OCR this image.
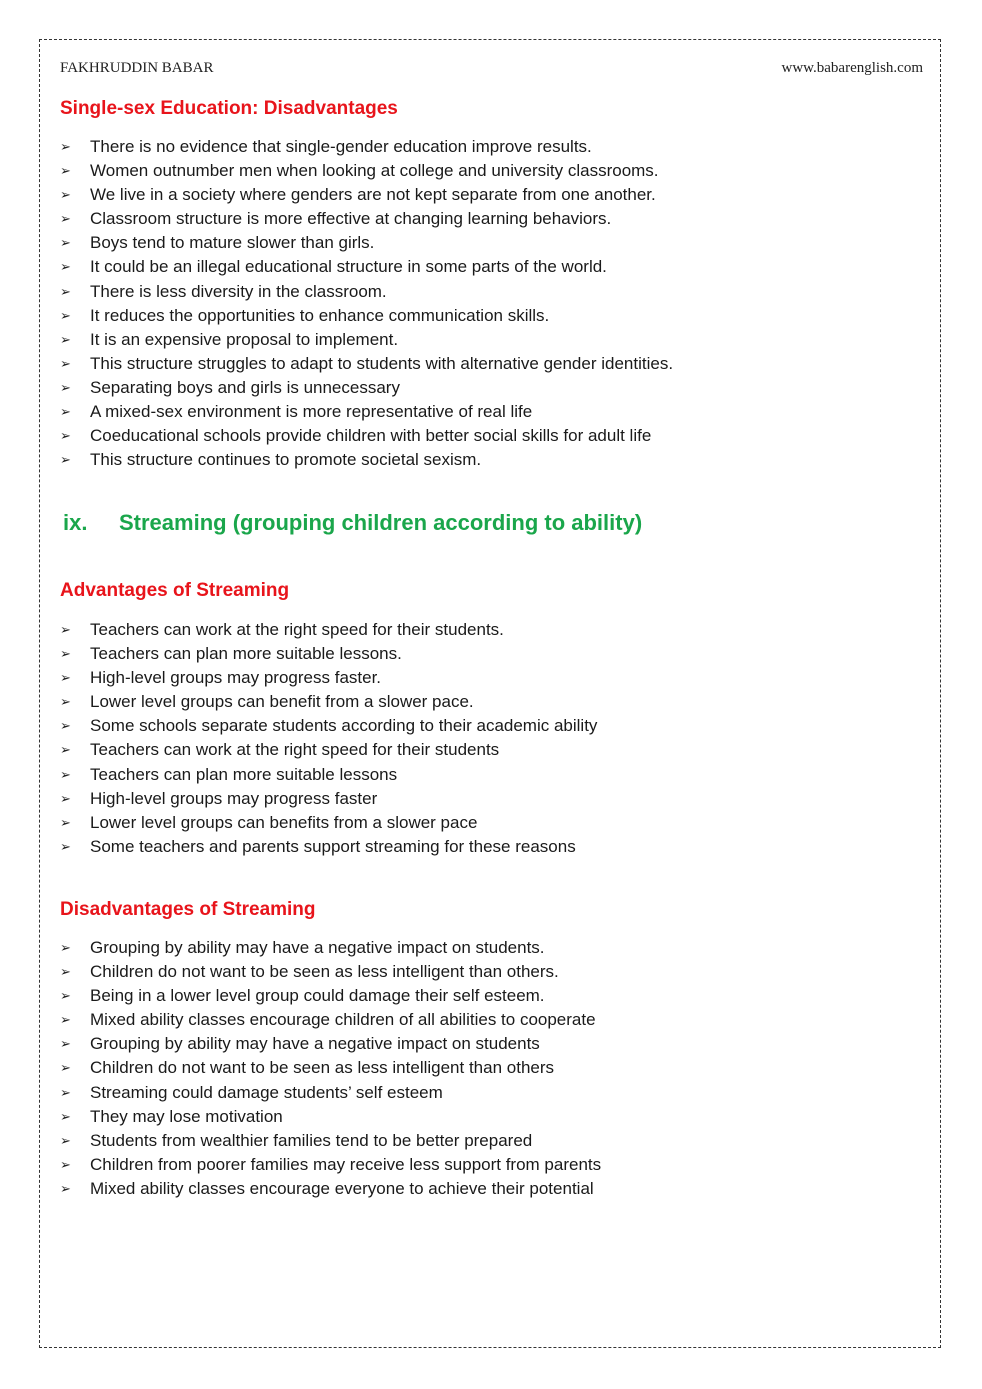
FAKHRUDDIN BABAR	www.babarenglish.com
Single-sex Education: Disadvantages
➢	There is no evidence that single-gender education improve results.
➢	Women outnumber men when looking at college and university classrooms.
➢	We live in a society where genders are not kept separate from one another.
➢	Classroom structure is more effective at changing learning behaviors.
➢	Boys tend to mature slower than girls.
➢	It could be an illegal educational structure in some parts of the world.
➢	There is less diversity in the classroom.
➢	It reduces the opportunities to enhance communication skills.
➢	It is an expensive proposal to implement.
➢	This structure struggles to adapt to students with alternative gender identities.
➢	Separating boys and girls is unnecessary
➢	A mixed-sex environment is more representative of real life
➢	Coeducational schools provide children with better social skills for adult life
➢	This structure continues to promote societal sexism.
ix.	Streaming (grouping children according to ability)
Advantages of Streaming
➢	Teachers can work at the right speed for their students.
➢	Teachers can plan more suitable lessons.
➢	High-level groups may progress faster.
➢	Lower level groups can benefit from a slower pace.
➢	Some schools separate students according to their academic ability
➢	Teachers can work at the right speed for their students
➢	Teachers can plan more suitable lessons
➢	High-level groups may progress faster
➢	Lower level groups can benefits from a slower pace
➢	Some teachers and parents support streaming for these reasons
Disadvantages of Streaming
➢	Grouping by ability may have a negative impact on students.
➢	Children do not want to be seen as less intelligent than others.
➢	Being in a lower level group could damage their self esteem.
➢	Mixed ability classes encourage children of all abilities to cooperate
➢	Grouping by ability may have a negative impact on students
➢	Children do not want to be seen as less intelligent than others
➢	Streaming could damage students’ self esteem
➢	They may lose motivation
➢	Students from wealthier families tend to be better prepared
➢	Children from poorer families may receive less support from parents
➢	Mixed ability classes encourage everyone to achieve their potential
